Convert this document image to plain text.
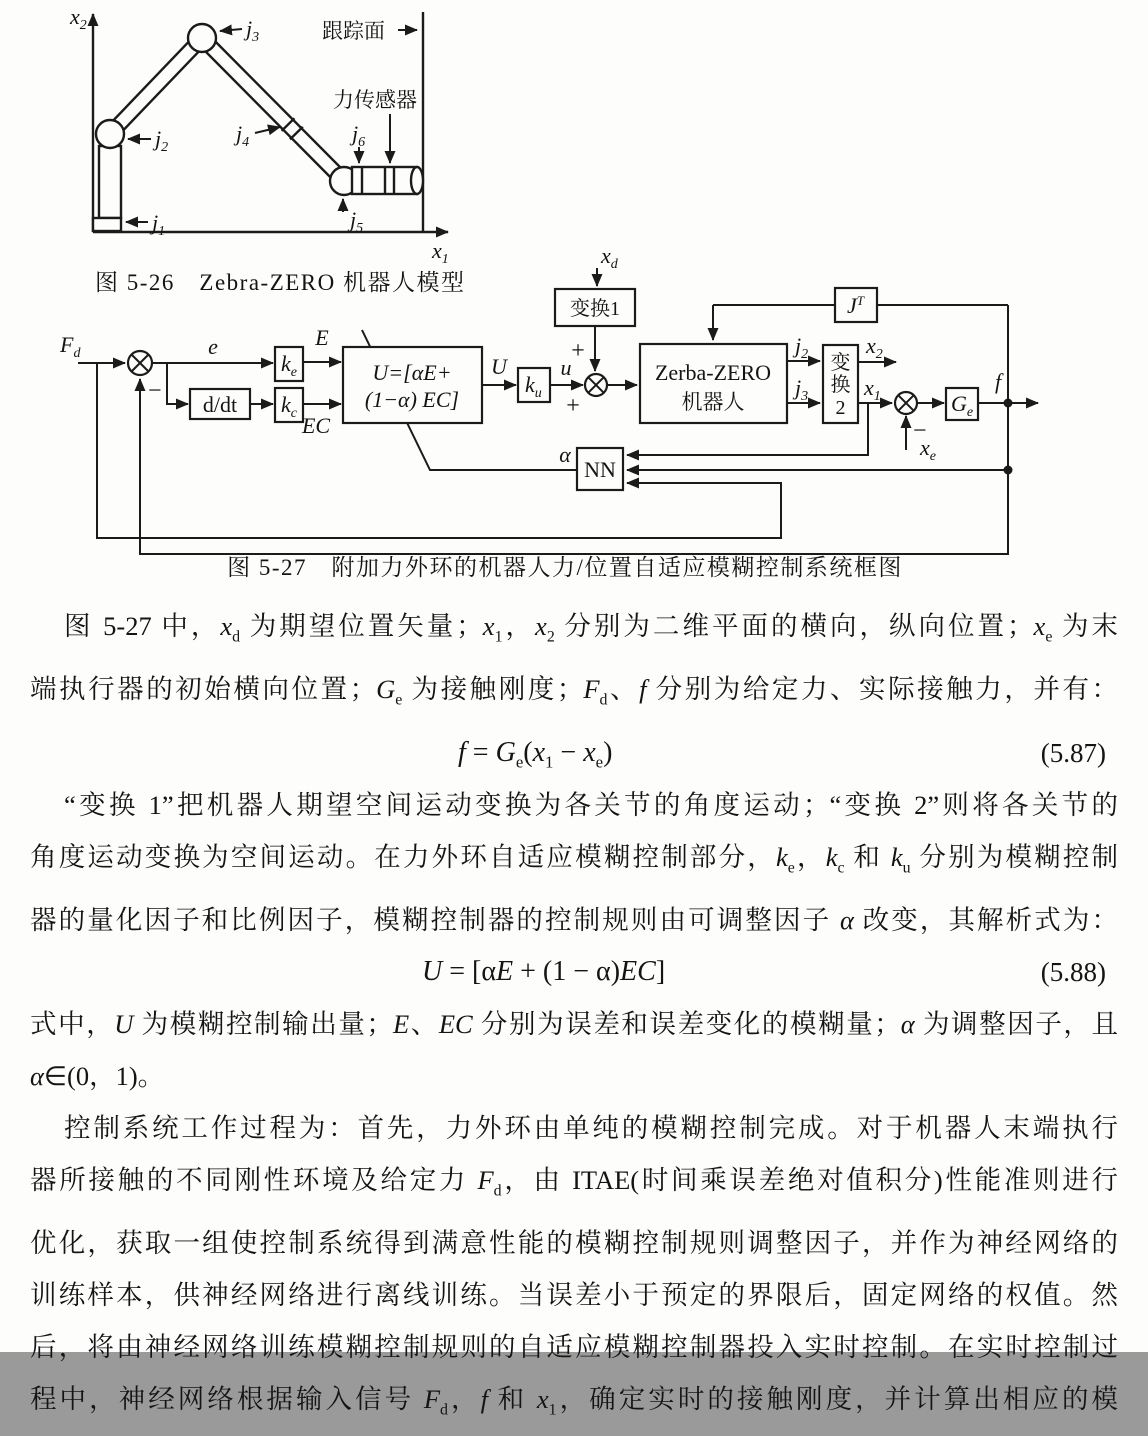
$x_2$
$x_1$
跟踪面
$j_1$
$j_2$
$j_3$
$j_4$
$j_5$
$j_6$
力传感器
图 5-26　Zebra-ZERO 机器人模型
$F_d$
−
e
d/dt
$k_e$
$k_c$
E
EC
U=[αE+
(1−α) EC]
α
U
$k_u$
u
+
$x_d$
变换1
+
Zerba-ZERO
机器人
$J^T$
$j_2$
$j_3$
变
换
2
$x_2$
$x_1$
−
$x_e$
$G_e$
f
NN
图 5-27　附加力外环的机器人力/位置自适应模糊控制系统框图
图 5-27 中，$x_d$ 为期望位置矢量；$x_1$，$x_2$ 分别为二维平面的横向，纵向位置；$x_e$ 为末
端执行器的初始横向位置；$G_e$ 为接触刚度；$F_d$、f 分别为给定力、实际接触力，并有：
$f = G_e(x_1 - x_e)$	(5.87)
“变换 1”把机器人期望空间运动变换为各关节的角度运动；“变换 2”则将各关节的
角度运动变换为空间运动。在力外环自适应模糊控制部分，$k_e$，$k_c$ 和 $k_u$ 分别为模糊控制
器的量化因子和比例因子，模糊控制器的控制规则由可调整因子 α 改变，其解析式为：
U = [αE + (1 − α)EC]	(5.88)
式中，U 为模糊控制输出量；E、EC 分别为误差和误差变化的模糊量；α 为调整因子，且
α∈(0，1)。
控制系统工作过程为：首先，力外环由单纯的模糊控制完成。对于机器人末端执行
器所接触的不同刚性环境及给定力 $F_d$，由 ITAE(时间乘误差绝对值积分)性能准则进行
优化，获取一组使控制系统得到满意性能的模糊控制规则调整因子，并作为神经网络的
训练样本，供神经网络进行离线训练。当误差小于预定的界限后，固定网络的权值。然
后，将由神经网络训练模糊控制规则的自适应模糊控制器投入实时控制。在实时控制过
程中，神经网络根据输入信号 $F_d$，f 和 $x_1$，确定实时的接触刚度，并计算出相应的模
